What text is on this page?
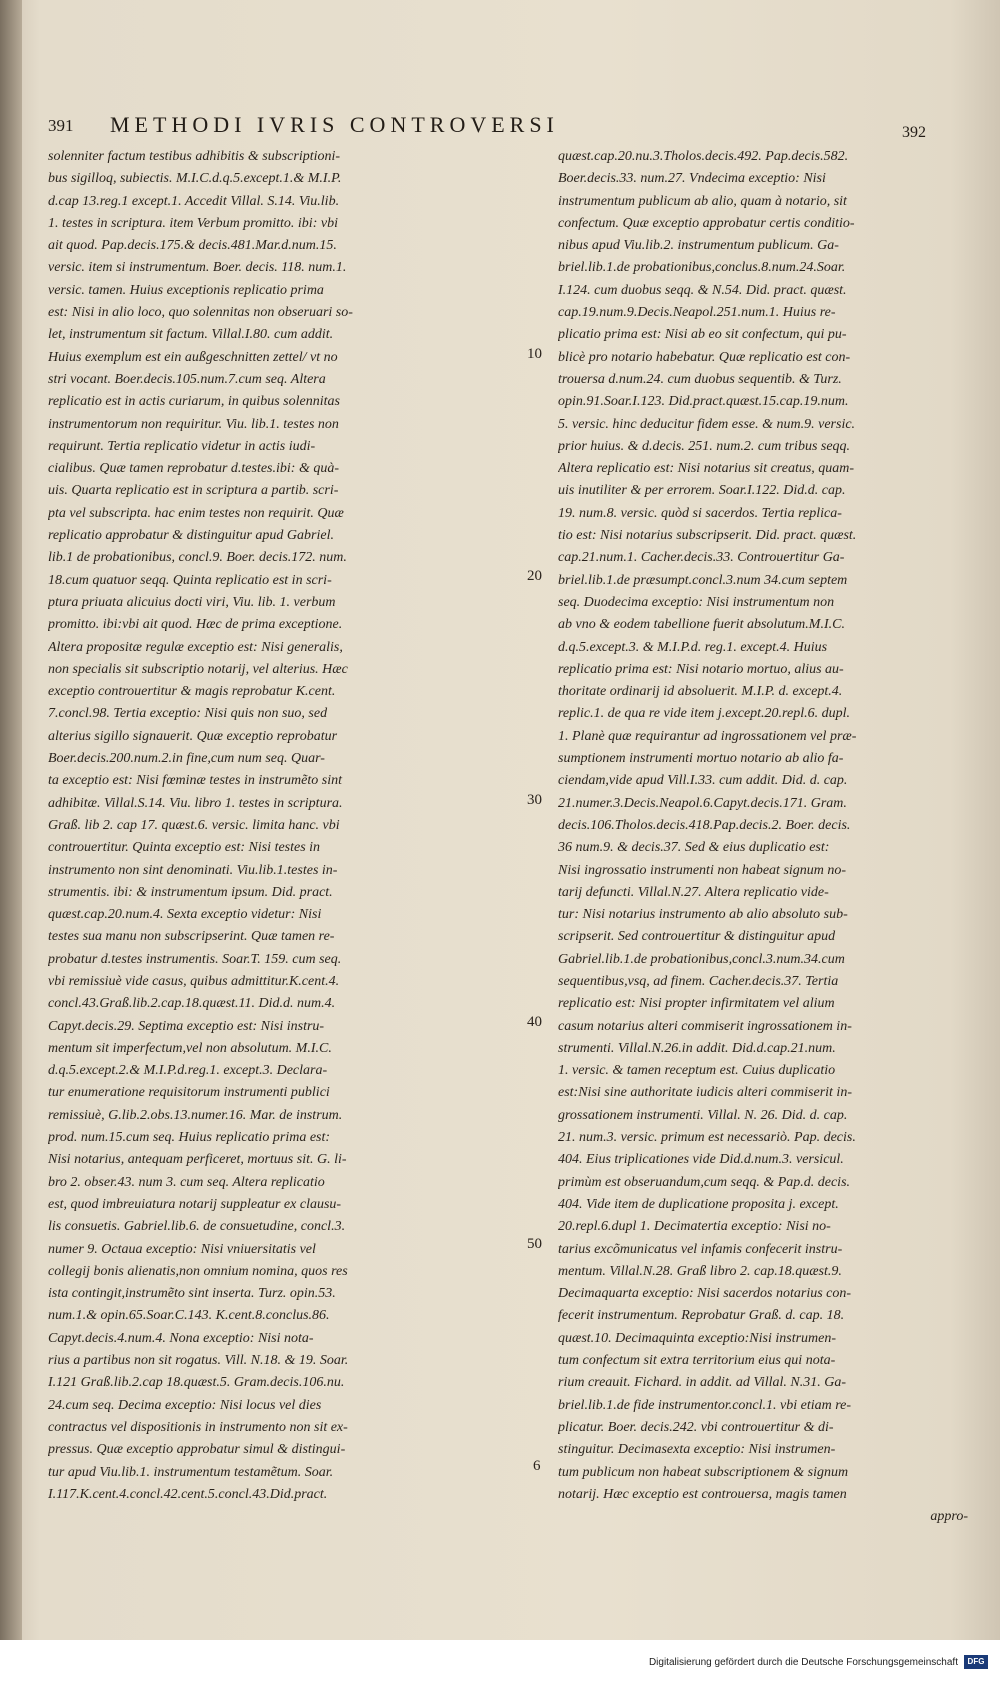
391 METHODI IVRIS CONTROVERSI	392
solenniter factum testibus adhibitis & subscriptioni-
bus sigilloq, subiectis. M.I.C.d.q.5.except.1.& M.I.P.
d.cap 13.reg.1 except.1. Accedit Villal. S.14. Viu.lib.
1. testes in scriptura. item Verbum promitto. ibi: vbi
ait quod. Pap.decis.175.& decis.481.Mar.d.num.15.
versic. item si instrumentum. Boer. decis. 118. num.1.
versic. tamen. Huius exceptionis replicatio prima
est: Nisi in alio loco, quo solennitas non obseruari so-
let, instrumentum sit factum. Villal.I.80. cum addit.
Huius exemplum est ein außgeschnitten zettel/ vt no
stri vocant. Boer.decis.105.num.7.cum seq. Altera
replicatio est in actis curiarum, in quibus solennitas
instrumentorum non requiritur. Viu. lib.1. testes non
requirunt. Tertia replicatio videtur in actis iudi-
cialibus. Quæ tamen reprobatur d.testes.ibi: & quà-
uis. Quarta replicatio est in scriptura a partib. scri-
pta vel subscripta. hac enim testes non requirit. Quæ
replicatio approbatur & distinguitur apud Gabriel.
lib.1 de probationibus, concl.9. Boer. decis.172. num.
18.cum quatuor seqq. Quinta replicatio est in scri-
ptura priuata alicuius docti viri, Viu. lib. 1. verbum
promitto. ibi:vbi ait quod. Hæc de prima exceptione.
Altera propositæ regulæ exceptio est: Nisi generalis,
non specialis sit subscriptio notarij, vel alterius. Hæc
exceptio controuertitur & magis reprobatur K.cent.
7.concl.98. Tertia exceptio: Nisi quis non suo, sed
alterius sigillo signauerit. Quæ exceptio reprobatur
Boer.decis.200.num.2.in fine,cum num seq. Quar-
ta exceptio est: Nisi fœminæ testes in instrumẽto sint
adhibitæ. Villal.S.14. Viu. libro 1. testes in scriptura.
Graß. lib 2. cap 17. quæst.6. versic. limita hanc. vbi
controuertitur. Quinta exceptio est: Nisi testes in
instrumento non sint denominati. Viu.lib.1.testes in-
strumentis. ibi: & instrumentum ipsum. Did. pract.
quæst.cap.20.num.4. Sexta exceptio videtur: Nisi
testes sua manu non subscripserint. Quæ tamen re-
probatur d.testes instrumentis. Soar.T. 159. cum seq.
vbi remissiuè vide casus, quibus admittitur.K.cent.4.
concl.43.Graß.lib.2.cap.18.quæst.11. Did.d. num.4.
Capyt.decis.29. Septima exceptio est: Nisi instru-
mentum sit imperfectum,vel non absolutum. M.I.C.
d.q.5.except.2.& M.I.P.d.reg.1. except.3. Declara-
tur enumeratione requisitorum instrumenti publici
remissiuè, G.lib.2.obs.13.numer.16. Mar. de instrum.
prod. num.15.cum seq. Huius replicatio prima est:
Nisi notarius, antequam perficeret, mortuus sit. G. li-
bro 2. obser.43. num 3. cum seq. Altera replicatio
est, quod imbreuiatura notarij suppleatur ex clausu-
lis consuetis. Gabriel.lib.6. de consuetudine, concl.3.
numer 9. Octaua exceptio: Nisi vniuersitatis vel
collegij bonis alienatis,non omnium nomina, quos res
ista contingit,instrumẽto sint inserta. Turz. opin.53.
num.1.& opin.65.Soar.C.143. K.cent.8.conclus.86.
Capyt.decis.4.num.4. Nona exceptio: Nisi nota-
rius a partibus non sit rogatus. Vill. N.18. & 19. Soar.
I.121 Graß.lib.2.cap 18.quæst.5. Gram.decis.106.nu.
24.cum seq. Decima exceptio: Nisi locus vel dies
contractus vel dispositionis in instrumento non sit ex-
pressus. Quæ exceptio approbatur simul & distingui-
tur apud Viu.lib.1. instrumentum testamẽtum. Soar.
I.117.K.cent.4.concl.42.cent.5.concl.43.Did.pract.
quæst.cap.20.nu.3.Tholos.decis.492. Pap.decis.582.
Boer.decis.33. num.27. Vndecima exceptio: Nisi
instrumentum publicum ab alio, quam à notario, sit
confectum. Quæ exceptio approbatur certis conditio-
nibus apud Viu.lib.2. instrumentum publicum. Ga-
briel.lib.1.de probationibus,conclus.8.num.24.Soar.
I.124. cum duobus seqq. & N.54. Did. pract. quæst.
cap.19.num.9.Decis.Neapol.251.num.1. Huius re-
plicatio prima est: Nisi ab eo sit confectum, qui pu-
blicè pro notario habebatur. Quæ replicatio est con-
trouersa d.num.24. cum duobus sequentib. & Turz.
opin.91.Soar.I.123. Did.pract.quæst.15.cap.19.num.
5. versic. hinc deducitur fidem esse. & num.9. versic.
prior huius. & d.decis. 251. num.2. cum tribus seqq.
Altera replicatio est: Nisi notarius sit creatus, quam-
uis inutiliter & per errorem. Soar.I.122. Did.d. cap.
19. num.8. versic. quòd si sacerdos. Tertia replica-
tio est: Nisi notarius subscripserit. Did. pract. quæst.
cap.21.num.1. Cacher.decis.33. Controuertitur Ga-
briel.lib.1.de præsumpt.concl.3.num 34.cum septem
seq. Duodecima exceptio: Nisi instrumentum non
ab vno & eodem tabellione fuerit absolutum.M.I.C.
d.q.5.except.3. & M.I.P.d. reg.1. except.4. Huius
replicatio prima est: Nisi notario mortuo, alius au-
thoritate ordinarij id absoluerit. M.I.P. d. except.4.
replic.1. de qua re vide item j.except.20.repl.6. dupl.
1. Planè quæ requirantur ad ingrossationem vel præ-
sumptionem instrumenti mortuo notario ab alio fa-
ciendam,vide apud Vill.I.33. cum addit. Did. d. cap.
21.numer.3.Decis.Neapol.6.Capyt.decis.171. Gram.
decis.106.Tholos.decis.418.Pap.decis.2. Boer. decis.
36 num.9. & decis.37. Sed & eius duplicatio est:
Nisi ingrossatio instrumenti non habeat signum no-
tarij defuncti. Villal.N.27. Altera replicatio vide-
tur: Nisi notarius instrumento ab alio absoluto sub-
scripserit. Sed controuertitur & distinguitur apud
Gabriel.lib.1.de probationibus,concl.3.num.34.cum
sequentibus,vsq, ad finem. Cacher.decis.37. Tertia
replicatio est: Nisi propter infirmitatem vel alium
casum notarius alteri commiserit ingrossationem in-
strumenti. Villal.N.26.in addit. Did.d.cap.21.num.
1. versic. & tamen receptum est. Cuius duplicatio
est:Nisi sine authoritate iudicis alteri commiserit in-
grossationem instrumenti. Villal. N. 26. Did. d. cap.
21. num.3. versic. primum est necessariò. Pap. decis.
404. Eius triplicationes vide Did.d.num.3. versicul.
primùm est obseruandum,cum seqq. & Pap.d. decis.
404. Vide item de duplicatione proposita j. except.
20.repl.6.dupl 1. Decimatertia exceptio: Nisi no-
tarius excõmunicatus vel infamis confecerit instru-
mentum. Villal.N.28. Graß libro 2. cap.18.quæst.9.
Decimaquarta exceptio: Nisi sacerdos notarius con-
fecerit instrumentum. Reprobatur Graß. d. cap. 18.
quæst.10. Decimaquinta exceptio:Nisi instrumen-
tum confectum sit extra territorium eius qui nota-
rium creauit. Fichard. in addit. ad Villal. N.31. Ga-
briel.lib.1.de fide instrumentor.concl.1. vbi etiam re-
plicatur. Boer. decis.242. vbi controuertitur & di-
stinguitur. Decimasexta exceptio: Nisi instrumen-
tum publicum non habeat subscriptionem & signum
notarij. Hæc exceptio est controuersa, magis tamen
appro-
10
20
30
40
50
6
Digitalisierung gefördert durch die Deutsche Forschungsgemeinschaft	DFG
